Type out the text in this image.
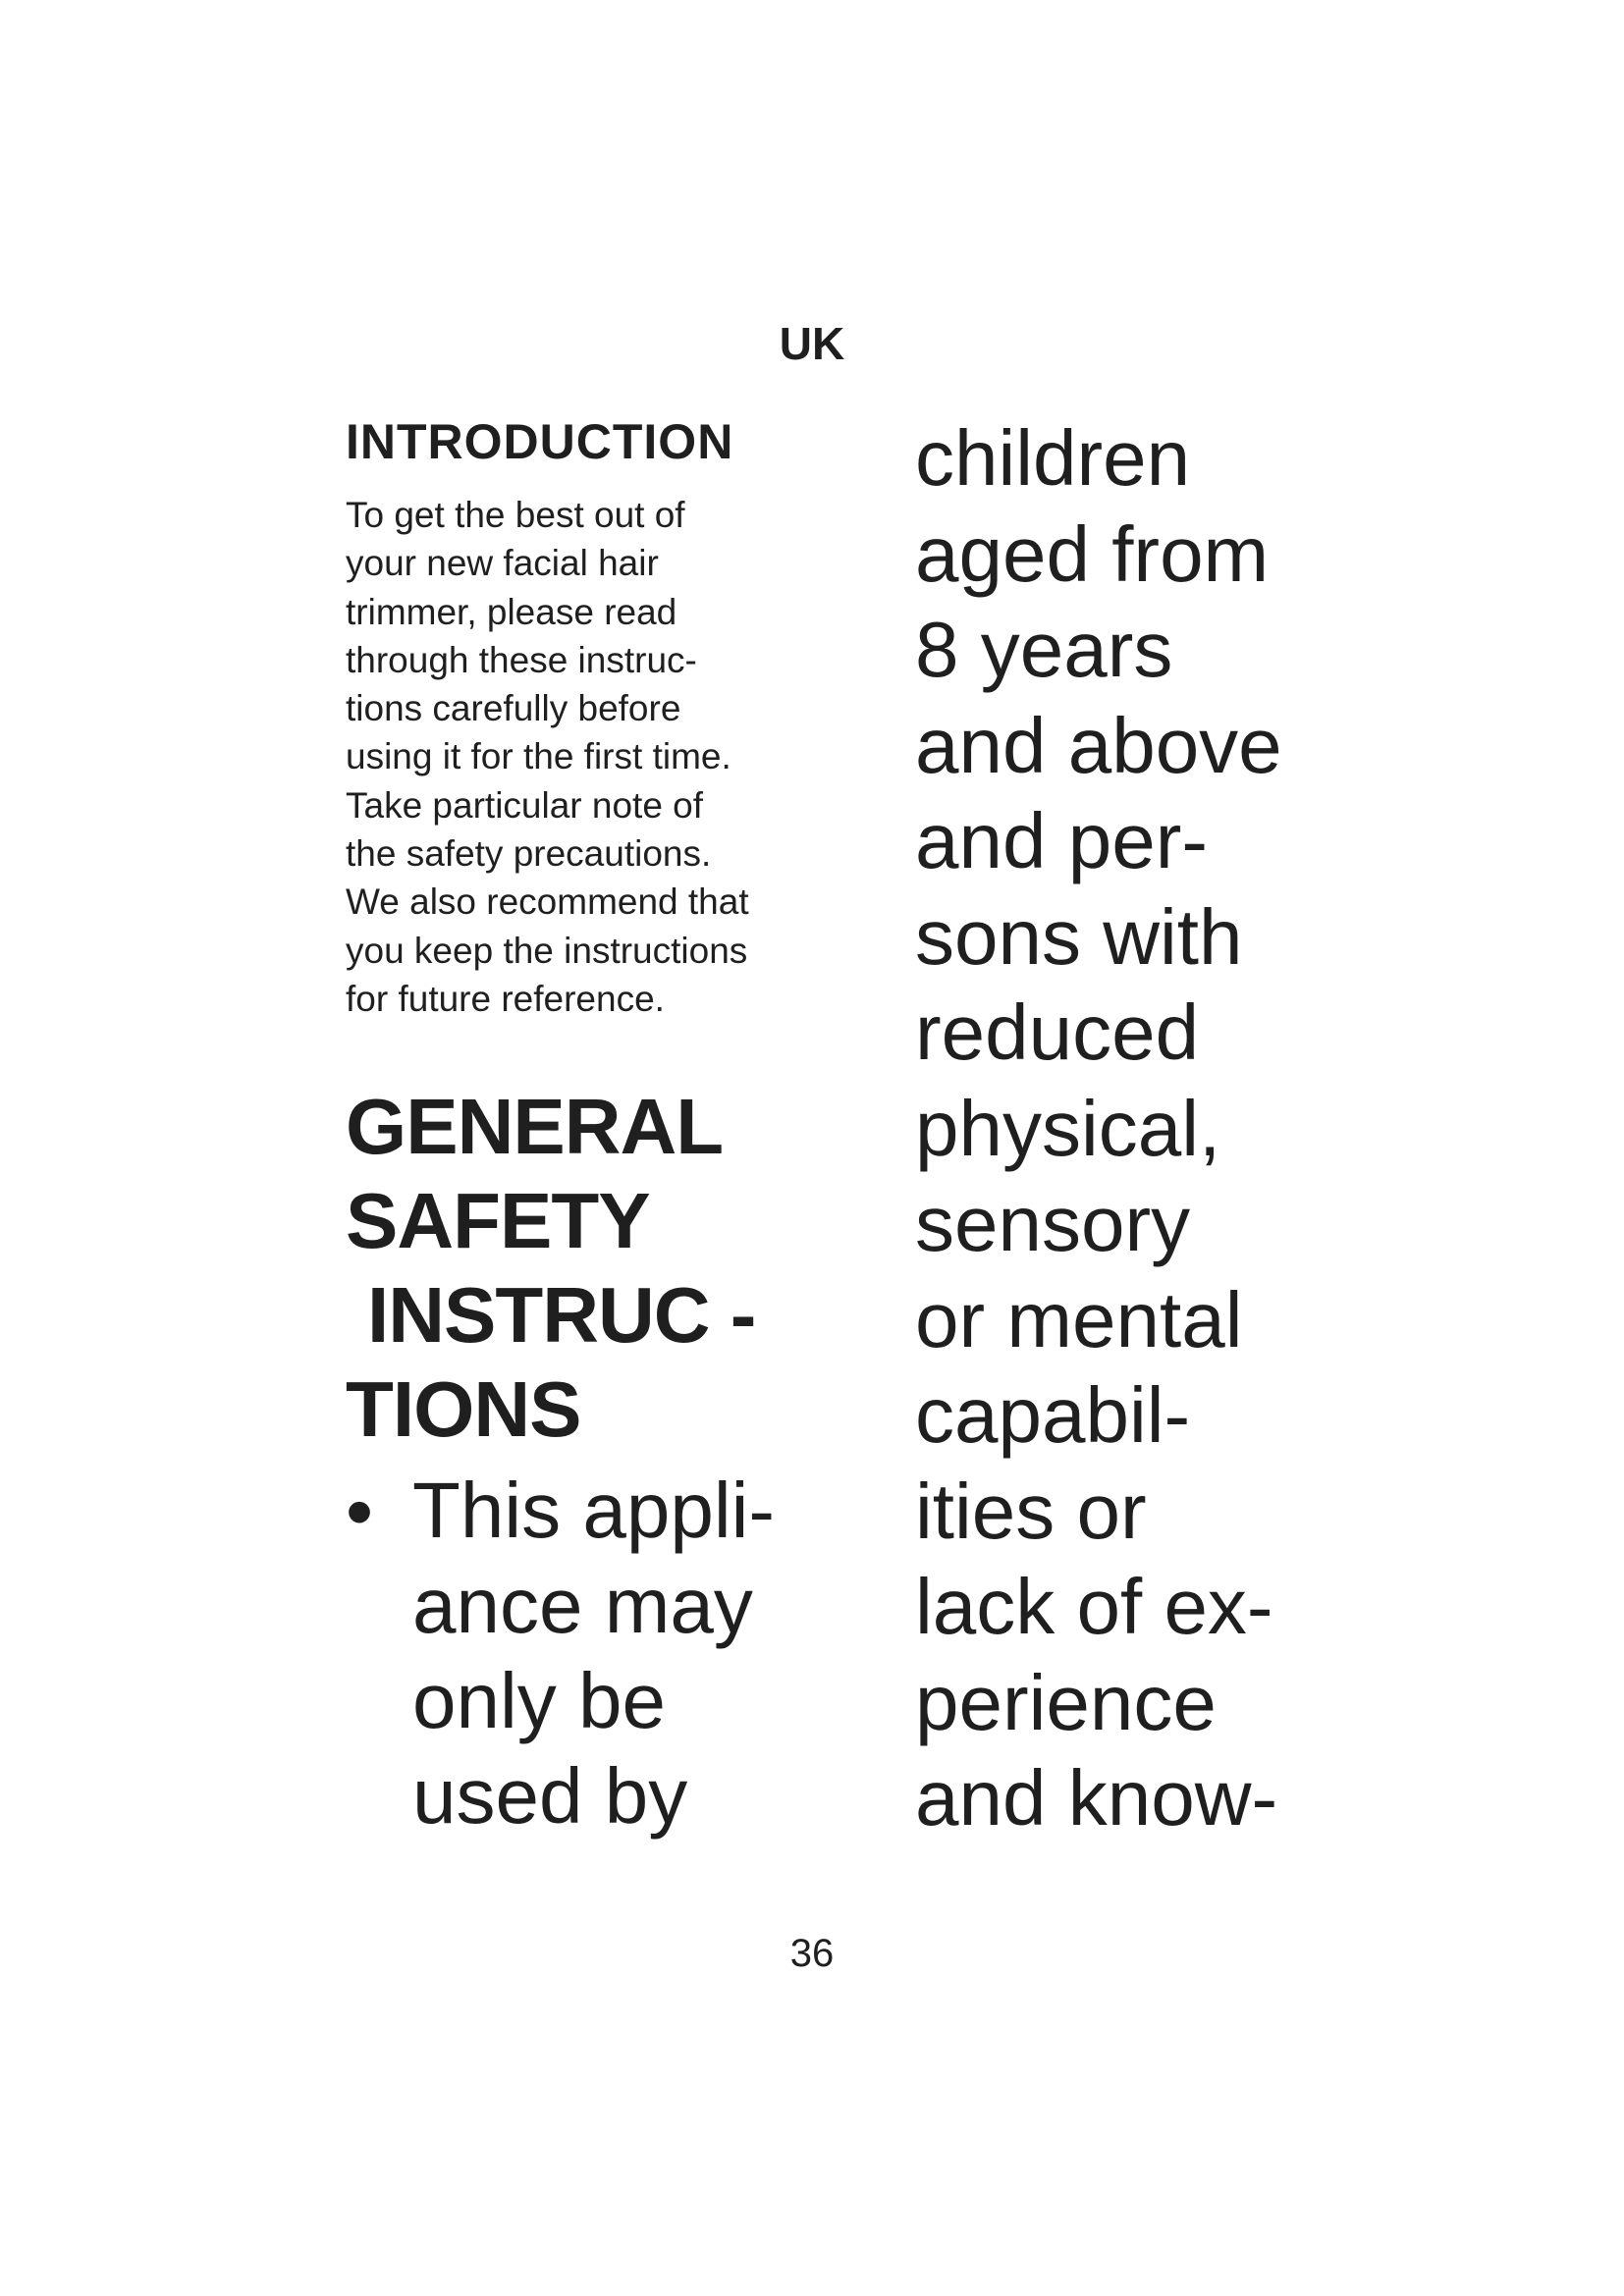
UK
INTRODUCTION
To get the best out of
your new facial hair
trimmer, please read
through these instruc-
tions carefully before
using it for the first time.
Take particular note of
the safety precautions.
We also recommend that
you keep the instructions
for future reference.
GENERAL
SAFETY
INSTRUC -
TIONS
• This appli-
ance may
only be
used by
children
aged from
8 years
and above
and per-
sons with
reduced
physical,
sensory
or mental
capabil-
ities or
lack of ex-
perience
and know-
36
